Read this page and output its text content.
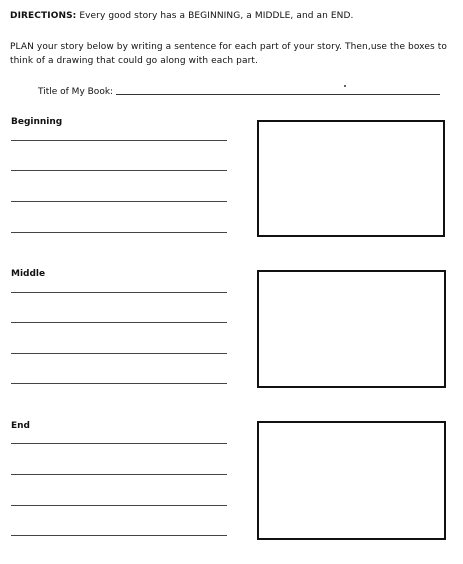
DIRECTIONS: Every good story has a BEGINNING, a MIDDLE, and an END.
PLAN your story below by writing a sentence for each part of your story. Then,use the boxes to think of a drawing that could go along with each part.
Title of My Book:
Beginning
Middle
End
